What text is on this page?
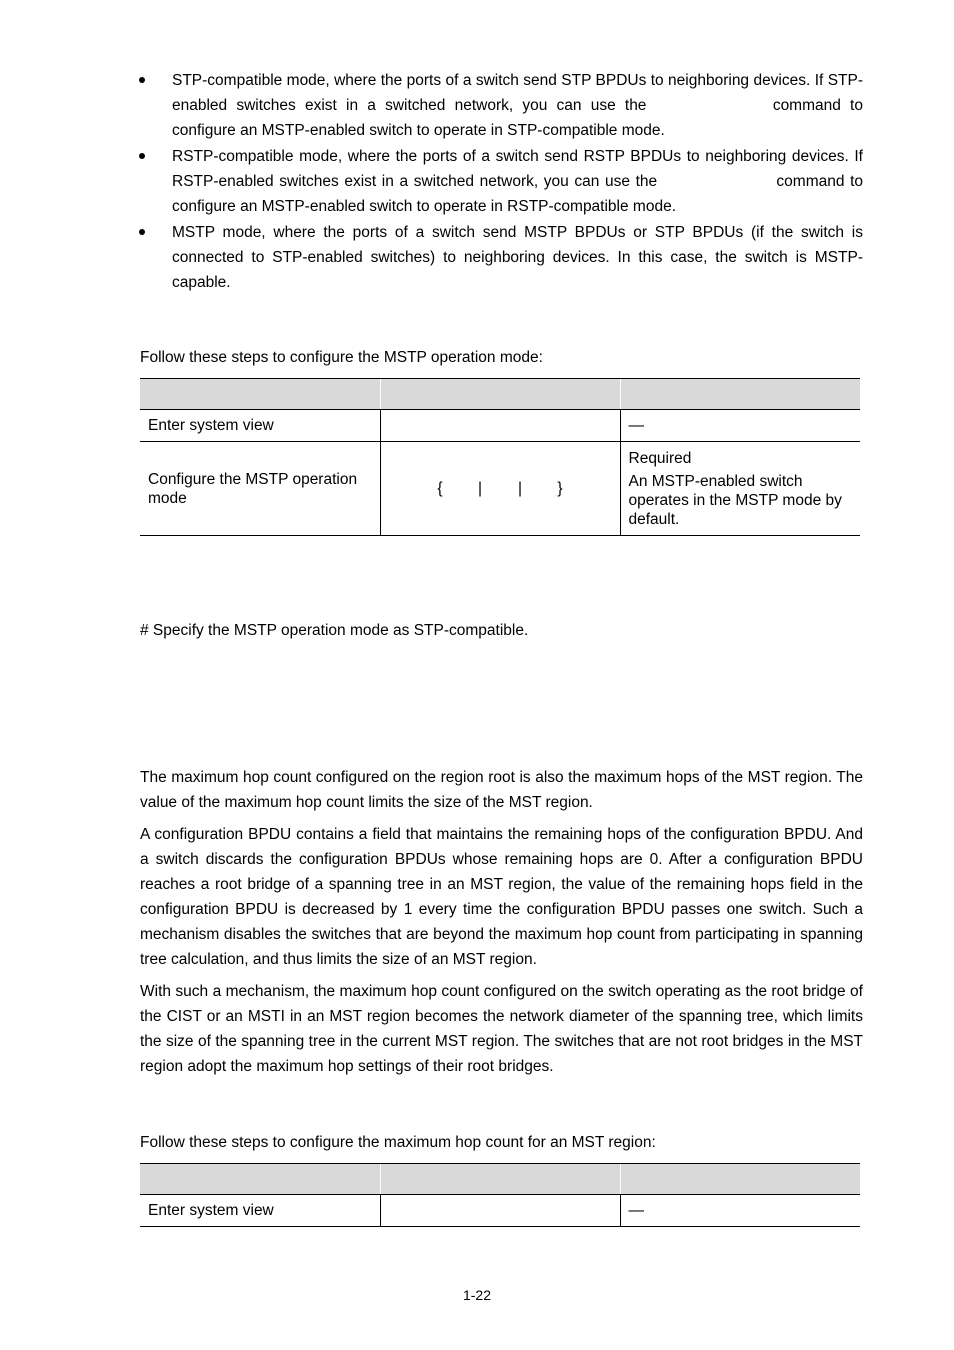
STP-compatible mode, where the ports of a switch send STP BPDUs to neighboring devices. If STP-enabled switches exist in a switched network, you can use the	command to configure an MSTP-enabled switch to operate in STP-compatible mode.
RSTP-compatible mode, where the ports of a switch send RSTP BPDUs to neighboring devices. If RSTP-enabled switches exist in a switched network, you can use the	command to configure an MSTP-enabled switch to operate in RSTP-compatible mode.
MSTP mode, where the ports of a switch send MSTP BPDUs or STP BPDUs (if the switch is connected to STP-enabled switches) to neighboring devices. In this case, the switch is MSTP-capable.
Follow these steps to configure the MSTP operation mode:

Enter system view		—
Configure the MSTP operation mode	{ | | }	Required

An MSTP-enabled switch operates in the MSTP mode by default.

# Specify the MSTP operation mode as STP-compatible.

The maximum hop count configured on the region root is also the maximum hops of the MST region. The value of the maximum hop count limits the size of the MST region.

A configuration BPDU contains a field that maintains the remaining hops of the configuration BPDU. And a switch discards the configuration BPDUs whose remaining hops are 0. After a configuration BPDU reaches a root bridge of a spanning tree in an MST region, the value of the remaining hops field in the configuration BPDU is decreased by 1 every time the configuration BPDU passes one switch. Such a mechanism disables the switches that are beyond the maximum hop count from participating in spanning tree calculation, and thus limits the size of an MST region.

With such a mechanism, the maximum hop count configured on the switch operating as the root bridge of the CIST or an MSTI in an MST region becomes the network diameter of the spanning tree, which limits the size of the spanning tree in the current MST region. The switches that are not root bridges in the MST region adopt the maximum hop settings of their root bridges.

Follow these steps to configure the maximum hop count for an MST region:

Enter system view		—
1-22
